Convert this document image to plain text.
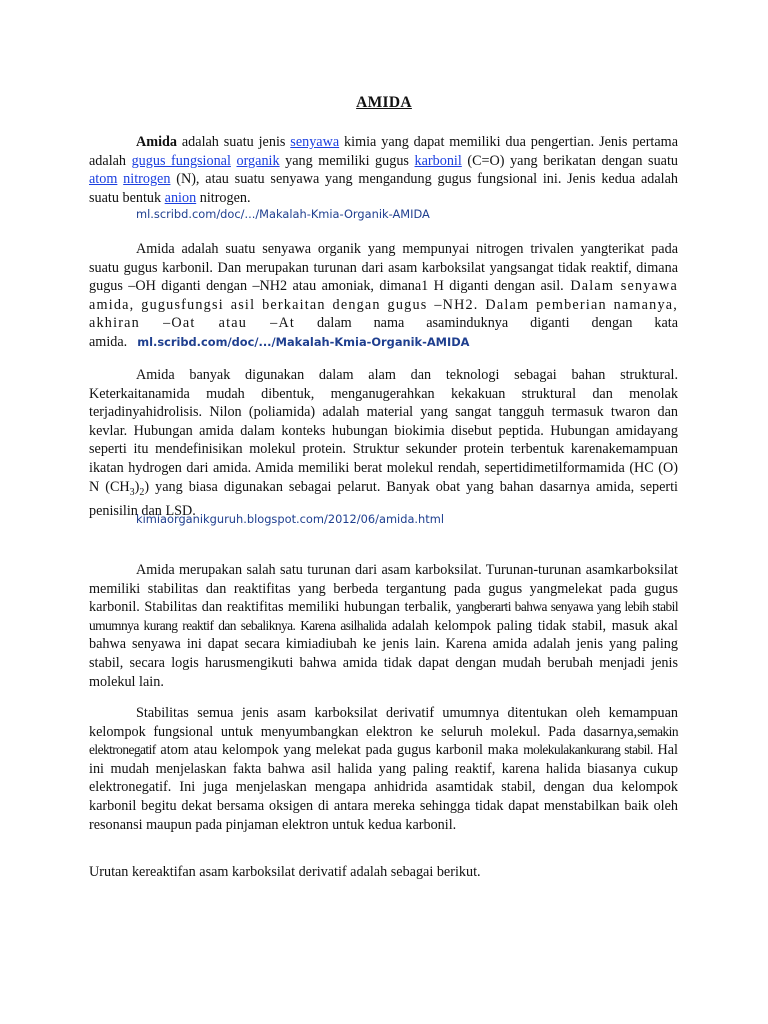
AMIDA

Amida adalah suatu jenis senyawa kimia yang dapat memiliki dua pengertian. Jenis pertama adalah gugus fungsional organik yang memiliki gugus karbonil (C=O) yang berikatan dengan suatu atom nitrogen (N), atau suatu senyawa yang mengandung gugus fungsional ini. Jenis kedua adalah suatu bentuk anion nitrogen.

ml.scribd.com/doc/.../Makalah-Kmia-Organik-AMIDA

Amida adalah suatu senyawa organik yang mempunyai nitrogen trivalen yangterikat pada suatu gugus karbonil. Dan merupakan turunan dari asam karboksilat yangsangat tidak reaktif, dimana gugus –OH diganti dengan –NH2 atau amoniak, dimana1 H diganti dengan asil. Dalam senyawa amida, gugusfungsi asil berkaitan dengan gugus –NH2. Dalam pemberian namanya, akhiran –Oat atau –At dalam nama asaminduknya diganti dengan kata amida. ml.scribd.com/doc/.../Makalah-Kmia-Organik-AMIDA

Amida banyak digunakan dalam alam dan teknologi sebagai bahan struktural. Keterkaitanamida mudah dibentuk, menganugerahkan kekakuan struktural dan menolak terjadinyahidrolisis. Nilon (poliamida) adalah material yang sangat tangguh termasuk twaron dan kevlar. Hubungan amida dalam konteks hubungan biokimia disebut peptida. Hubungan amidayang seperti itu mendefinisikan molekul protein. Struktur sekunder protein terbentuk karenakemampuan ikatan hydrogen dari amida. Amida memiliki berat molekul rendah, sepertidimetilformamida (HC (O) N $(CH_3)_2$) yang biasa digunakan sebagai pelarut. Banyak obat yang bahan dasarnya amida, seperti penisilin dan LSD.

kimiaorganikguruh.blogspot.com/2012/06/amida.html

Amida merupakan salah satu turunan dari asam karboksilat. Turunan-turunan asamkarboksilat memiliki stabilitas dan reaktifitas yang berbeda tergantung pada gugus yangmelekat pada gugus karbonil. Stabilitas dan reaktifitas memiliki hubungan terbalik, yangberarti bahwa senyawa yang lebih stabil umumnya kurang reaktif dan sebaliknya. Karena asilhalida adalah kelompok paling tidak stabil, masuk akal bahwa senyawa ini dapat secara kimiadiubah ke jenis lain. Karena amida adalah jenis yang paling stabil, secara logis harusmengikuti bahwa amida tidak dapat dengan mudah berubah menjadi jenis molekul lain.

Stabilitas semua jenis asam karboksilat derivatif umumnya ditentukan oleh kemampuan kelompok fungsional untuk menyumbangkan elektron ke seluruh molekul. Pada dasarnya,semakin elektronegatif atom atau kelompok yang melekat pada gugus karbonil maka molekulakankurang stabil. Hal ini mudah menjelaskan fakta bahwa asil halida yang paling reaktif, karena halida biasanya cukup elektronegatif. Ini juga menjelaskan mengapa anhidrida asamtidak stabil, dengan dua kelompok karbonil begitu dekat bersama oksigen di antara mereka sehingga tidak dapat menstabilkan baik oleh resonansi maupun pada pinjaman elektron untuk kedua karbonil.

Urutan kereaktifan asam karboksilat derivatif adalah sebagai berikut.
